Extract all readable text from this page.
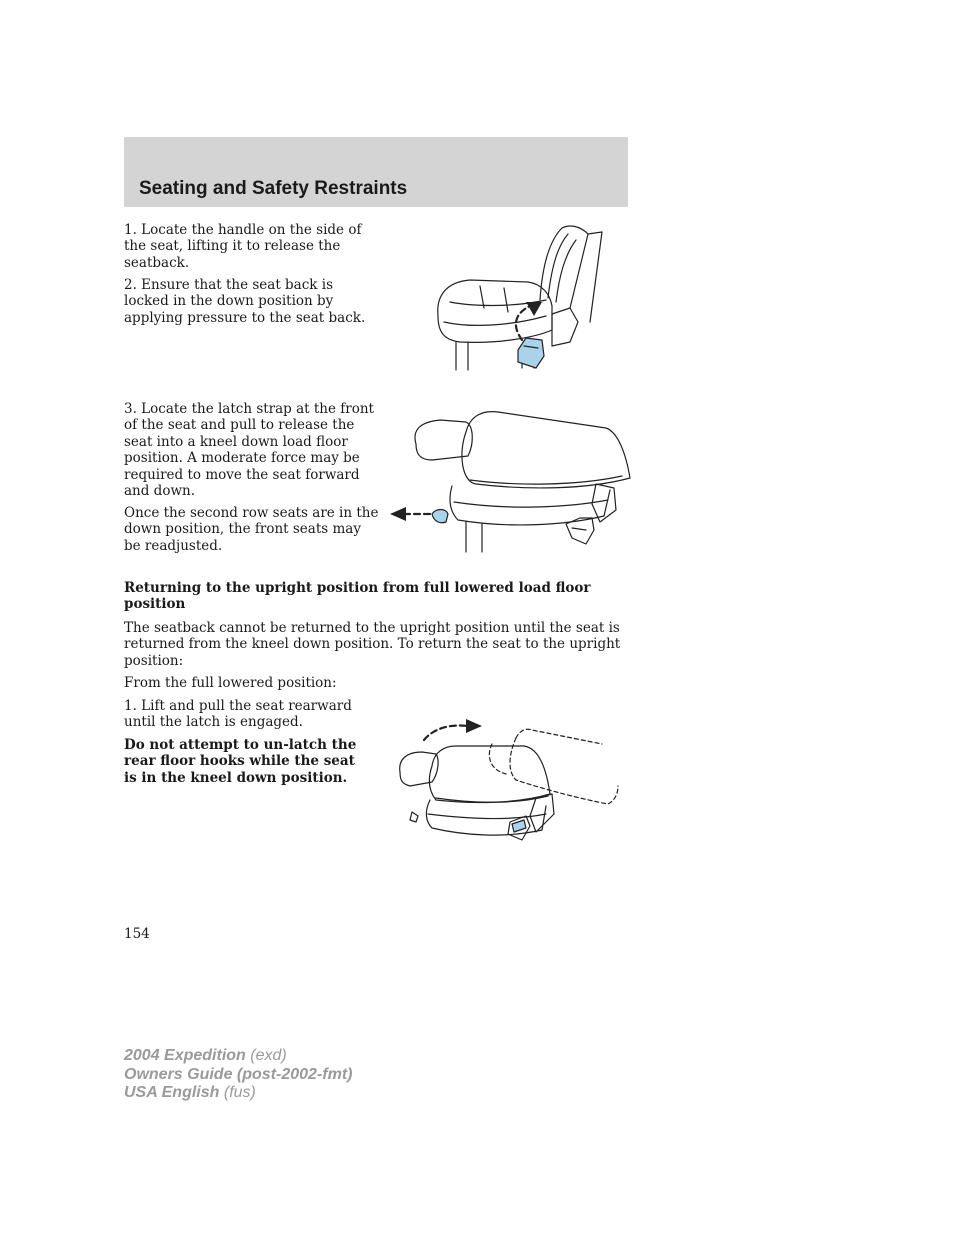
Seating and Safety Restraints

1. Locate the handle on the side of the seat, lifting it to release the seatback.

2. Ensure that the seat back is locked in the down position by applying pressure to the seat back.

3. Locate the latch strap at the front of the seat and pull to release the seat into a kneel down load floor position. A moderate force may be required to move the seat forward and down.

Once the second row seats are in the down position, the front seats may be readjusted.

Returning to the upright position from full lowered load floor position

The seatback cannot be returned to the upright position until the seat is returned from the kneel down position. To return the seat to the upright position:

From the full lowered position:

1. Lift and pull the seat rearward until the latch is engaged.

Do not attempt to un-latch the rear floor hooks while the seat is in the kneel down position.

154

2004 Expedition (exd)
Owners Guide (post-2002-fmt)
USA English (fus)
